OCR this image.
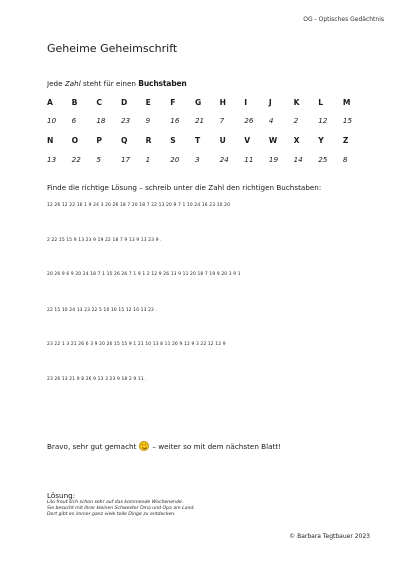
OG - Optisches Gedächtnis
Geheime Geheimschrift
Jede Zahl steht für einen Buchstaben
A	B	C	D	E	F	G	H	I	J	K	L	M
10	6	18	23	9	16	21	7	26	4	2	12	15
N	O	P	Q	R	S	T	U	V	W	X	Y	Z
13	22	5	17	1	20	3	24	11	19	14	25	8
Finde die richtige Lösung – schreib unter die Zahl den richtigen Buchstaben:
12 26 12 22 16 1 9 24 3 20 26 18 7 20 18 7 22 13 20 9 7 1 10 24 16 23 10 20
2 22 15 15 9 13 23 9 19 22 18 7 9 13 9 13 23 9 .
20 26 9 6 9 20 24 18 7 1 15 26 26 7 1 9 1 2 12 9 26 13 9 11 20 18 7 19 9 20 3 9 1
22 15 10 24 13 23 22 5 10 10 15 12 10 13 23 .
23 22 1 3 21 26 6 3 9 20 26 15 15 9 1 21 10 13 8 11 26 9 12 9 3 22 12 12 9
23 26 13 21 9 8 26 9 13 3 23 9 18 2 9 11 .
Bravo, sehr gut gemacht – weiter so mit dem nächsten Blatt!
Lösung:
Lilo freut sich schon sehr auf das kommende Wochenende.
Sie besucht mit ihrer kleinen Schwester Oma und Opa am Land.
Dort gibt es immer ganz viele tolle Dinge zu entdecken.
© Barbara Tegtbauer 2023
